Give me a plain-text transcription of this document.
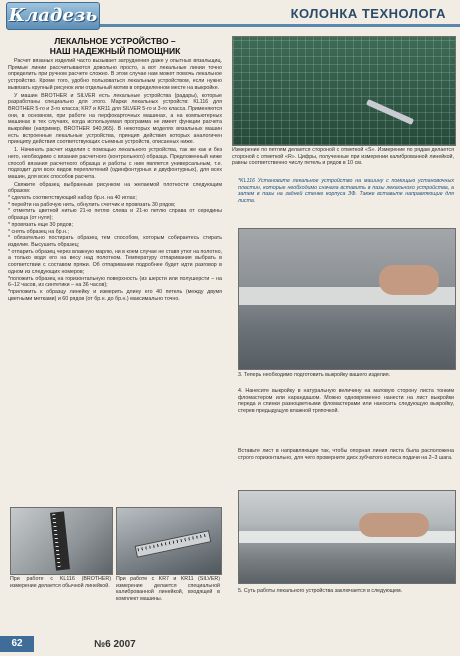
Кладезь	КОЛОНКА ТЕХНОЛОГА
ЛЕКАЛЬНОЕ УСТРОЙСТВО –
НАШ НАДЕЖНЫЙ ПОМОЩНИК

Расчет вязаных изделий часто вызывает затруднения даже у опытных вязальщиц. Прямые линии рассчитываются довольно просто, а вот лекальные линии точно определить при ручном расчете сложно. В этом случае нам может помочь лекальное устройство. Кроме того, удобно пользоваться лекальным устройством, если нужно вывязать крупный рисунок или отдельный мотив в определенном месте на выкройке.

У машин BROTHER и SILVER есть лекальные устройства (радары), которые разработаны специально для этого. Марки лекальных устройств: KL116 для BROTHER 5-го и 3-го класса; KR7 и KR11 для SILVER 5-го и 3-го класса. Применяются они, в основном, при работе на перфокарточных машинах, а на компьютерных машинах в тех случаях, когда используемая программа не имеет функции расчета выкройки (например, BROTHER 940,965). В некоторых моделях вязальных машин есть встроенные лекальные устройства, принцип действия которых аналогичен принципу действия соответствующих съемных устройств, описанных ниже.

1. Начинать расчет изделия с помощью лекального устройства, так же как и без него, необходимо с вязания расчетного (контрольного) образца. Предложенный ниже способ вязания расчетного образца и работы с ним является универсальным, т.е. подходит для всех видов переплетений (одинфонтурных и двуфонтурных), для всех машин, для всех способов расчета.

Свяжите образец выбранным рисунком на желаемой плотности следующим образом:

* сделать соответствующий набор бр.н. на 40 иглах;

* перейти на рабочую нить, обнулить счетчик и провязать 30 рядов;

* отметить цветной нитью 21-ю петлю слева и 21-ю петлю справа от середины образца (от нуля);

* провязать еще 30 рядов;

* снять образец на бр.н.;

* обязательно постирать образец тем способом, которым собираетесь стирать изделие. Высушить образец;

* отпарить образец через влажную марлю, ни в коем случае не ставя утюг на полотно, а только водя его на весу над полотном. Температуру отпаривания выбрать в соответствии с составом пряжи. Об отпаривании подробнее будет идти разговор в одном из следующих номеров;

*положить образец на горизонтальную поверхность (из шерсти или полушерсти – на 6–12 часов, из синтетики – на 36 часов);

*приложить к образцу линейку и измерить длину его 40 петель (между двумя цветными метками) и 60 рядов (от бр.н. до бр.н.) максимально точно.

При работе с KL116 (BROTHER) измерение делается обычной линейкой.
При работе с KR7 и KR11 (SILVER) измерение делается специальной калиброванной линейкой, входящей в комплект машины.
Измерение по петлям делается стороной с отметкой «S». Измерение по рядам делается стороной с отметкой «R». Цифры, полученные при измерении калиброванной линейкой, равны соответственно числу петель и рядов в 10 см.
*KL116 Установите лекальное устройство на машину с помощью установочных пластин, которые необходимо сначала вставить в пазы лекального устройства, а затем в пазы на задней стенке корпуса ЗФ. Также вставьте направляющие для листа.
3. Теперь необходимо подготовить выкройку вашего изделия.
4. Нанесите выкройку в натуральную величину на матовую сторону листа тонким фломастером или карандашом. Можно одновременно нанести на лист выкройки переда и спинки разноцветными фломастерами или наносить следующую выкройку, стерев предыдущую влажной тряпочкой.
Вставьте лист в направляющие так, чтобы опорная линия листа была расположена строго горизонтально, для чего проверните диск зубчатого колеса подачи на 2–3 шага.
5. Суть работы лекального устройства заключается в следующем.
62	№6 2007
